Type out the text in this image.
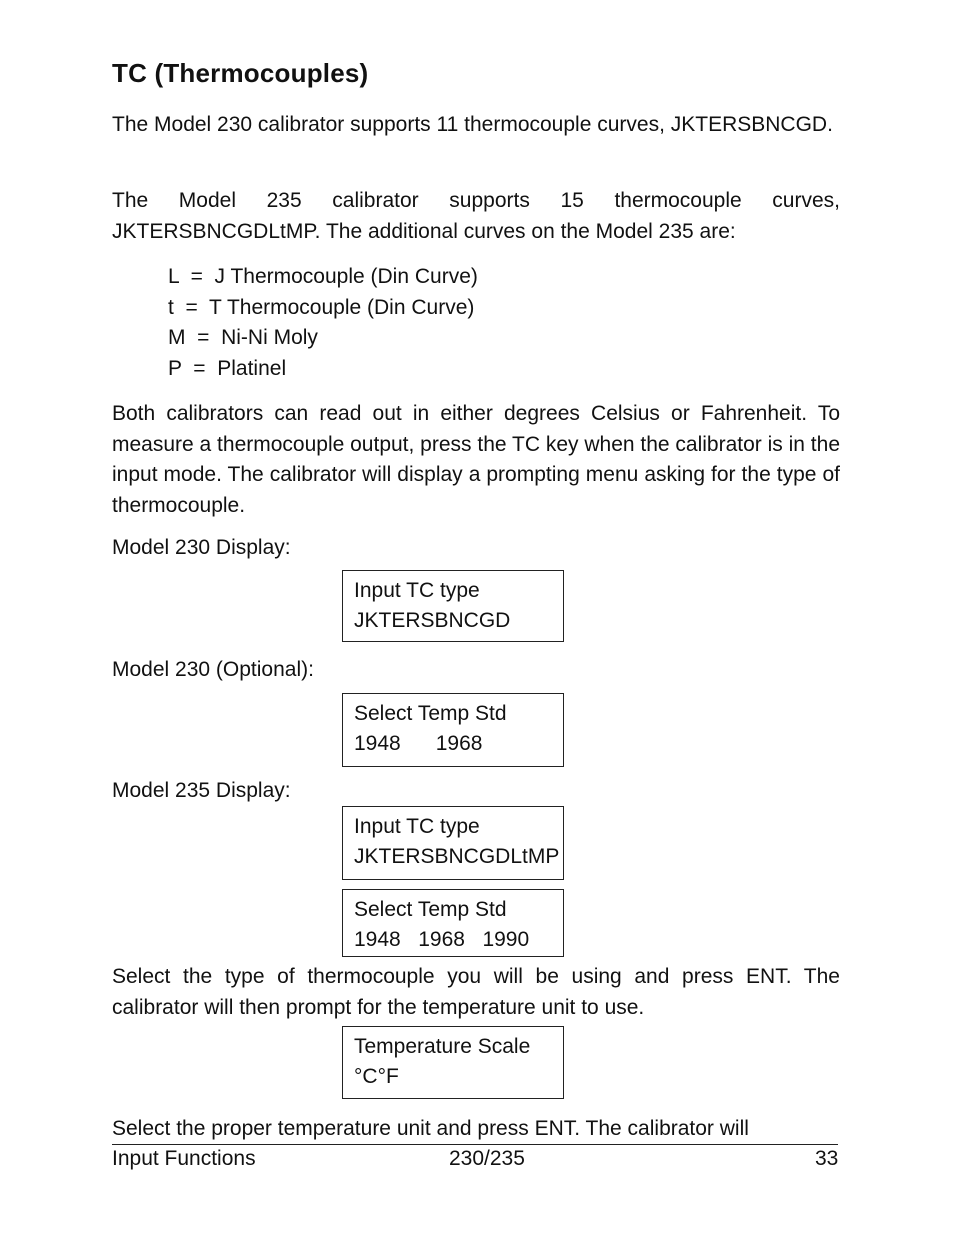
TC (Thermocouples)

The Model 230 calibrator supports 11 thermocouple curves, JKTERSBNCGD.

The Model 235 calibrator supports 15 thermocouple curves, JKTERSBNCGDLtMP. The additional curves on the Model 235 are:

L  =  J Thermocouple (Din Curve)
t  =  T Thermocouple (Din Curve)
M  =  Ni-Ni Moly
P  =  Platinel

Both calibrators can read out in either degrees Celsius or Fahrenheit. To measure a thermocouple output, press the TC key when the calibrator is in the input mode. The calibrator will display a prompting menu asking for the type of thermocouple.

Model 230 Display:
Input TC type
JKTERSBNCGD
Model 230 (Optional):
Select Temp Std
1948      1968
Model 235 Display:
Input TC type
JKTERSBNCGDLtMP
Select Temp Std
1948   1968   1990

Select the type of thermocouple you will be using and press ENT. The calibrator will then prompt for the temperature unit to use.

Temperature Scale
°C°F

Select the proper temperature unit and press ENT. The calibrator will

Input Functions	230/235	33
